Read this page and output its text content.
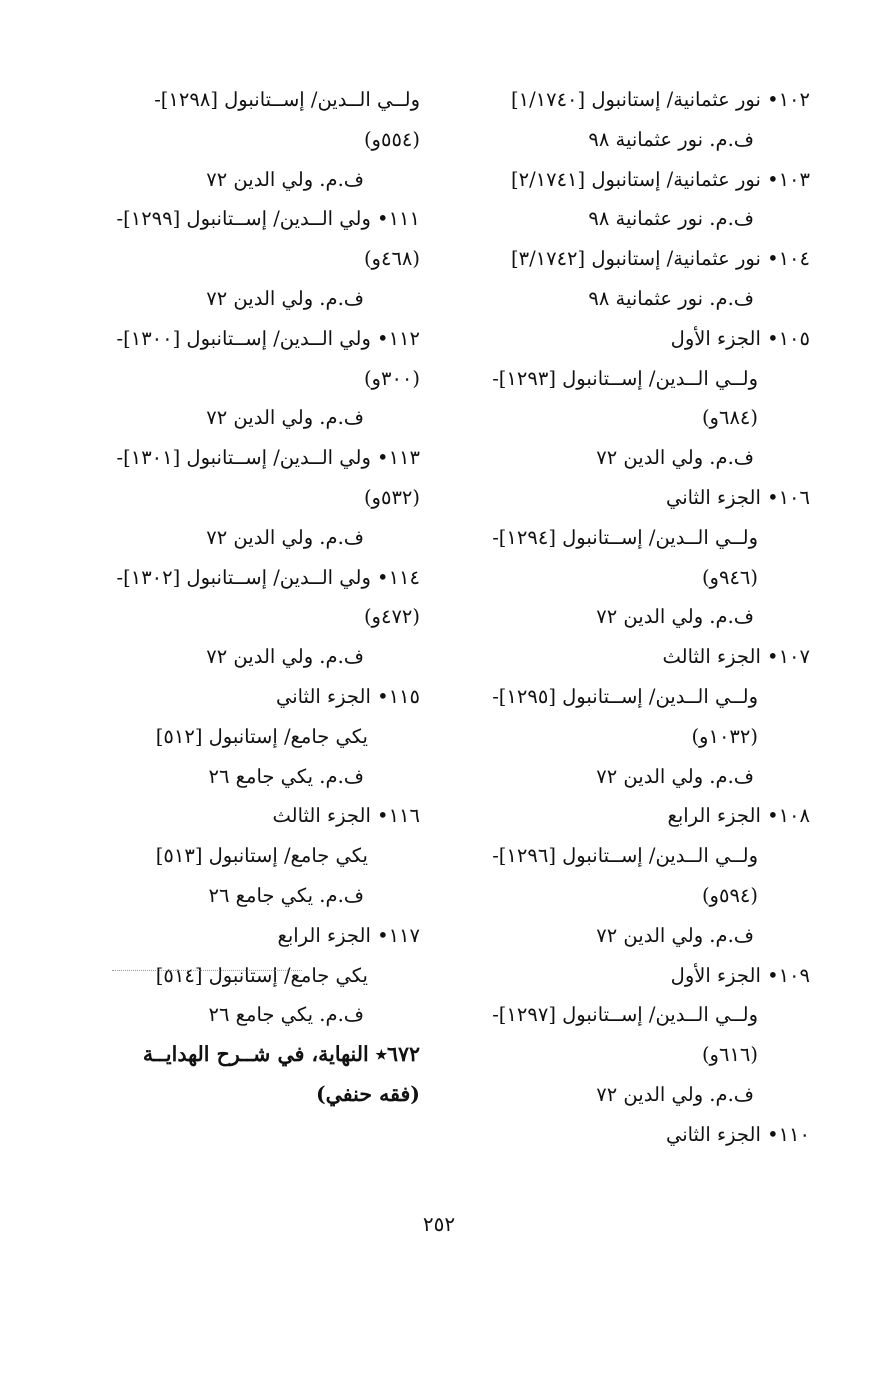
١٠٢• نور عثمانية/ إستانبول [١/١٧٤٠]
ف.م. نور عثمانية ٩٨
١٠٣• نور عثمانية/ إستانبول [٢/١٧٤١]
ف.م. نور عثمانية ٩٨
١٠٤• نور عثمانية/ إستانبول [٣/١٧٤٢]
ف.م. نور عثمانية ٩٨
١٠٥• الجزء الأول
ولــي الــدين/ إســتانبول [١٢٩٣]-
(٦٨٤و)
ف.م. ولي الدين ٧٢
١٠٦• الجزء الثاني
ولــي الــدين/ إســتانبول [١٢٩٤]-
(٩٤٦و)
ف.م. ولي الدين ٧٢
١٠٧• الجزء الثالث
ولــي الــدين/ إســتانبول [١٢٩٥]-
(١٠٣٢و)
ف.م. ولي الدين ٧٢
١٠٨• الجزء الرابع
ولــي الــدين/ إســتانبول [١٢٩٦]-
(٥٩٤و)
ف.م. ولي الدين ٧٢
١٠٩• الجزء الأول
ولــي الــدين/ إســتانبول [١٢٩٧]-
(٦١٦و)
ف.م. ولي الدين ٧٢
١١٠• الجزء الثاني
ولــي الــدين/ إســتانبول [١٢٩٨]-
(٥٥٤و)
ف.م. ولي الدين ٧٢
١١١• ولي الــدين/ إســتانبول [١٢٩٩]-
(٤٦٨و)
ف.م. ولي الدين ٧٢
١١٢• ولي الــدين/ إســتانبول [١٣٠٠]-
(٣٠٠و)
ف.م. ولي الدين ٧٢
١١٣• ولي الــدين/ إســتانبول [١٣٠١]-
(٥٣٢و)
ف.م. ولي الدين ٧٢
١١٤• ولي الــدين/ إســتانبول [١٣٠٢]-
(٤٧٢و)
ف.م. ولي الدين ٧٢
١١٥• الجزء الثاني
يكي جامع/ إستانبول [٥١٢]
ف.م. يكي جامع ٢٦
١١٦• الجزء الثالث
يكي جامع/ إستانبول [٥١٣]
ف.م. يكي جامع ٢٦
١١٧• الجزء الرابع
يكي جامع/ إستانبول [٥١٤]
ف.م. يكي جامع ٢٦
٦٧٢٭ النهاية، في شــرح الهدايــة
(فقه حنفي)
٢٥٢
